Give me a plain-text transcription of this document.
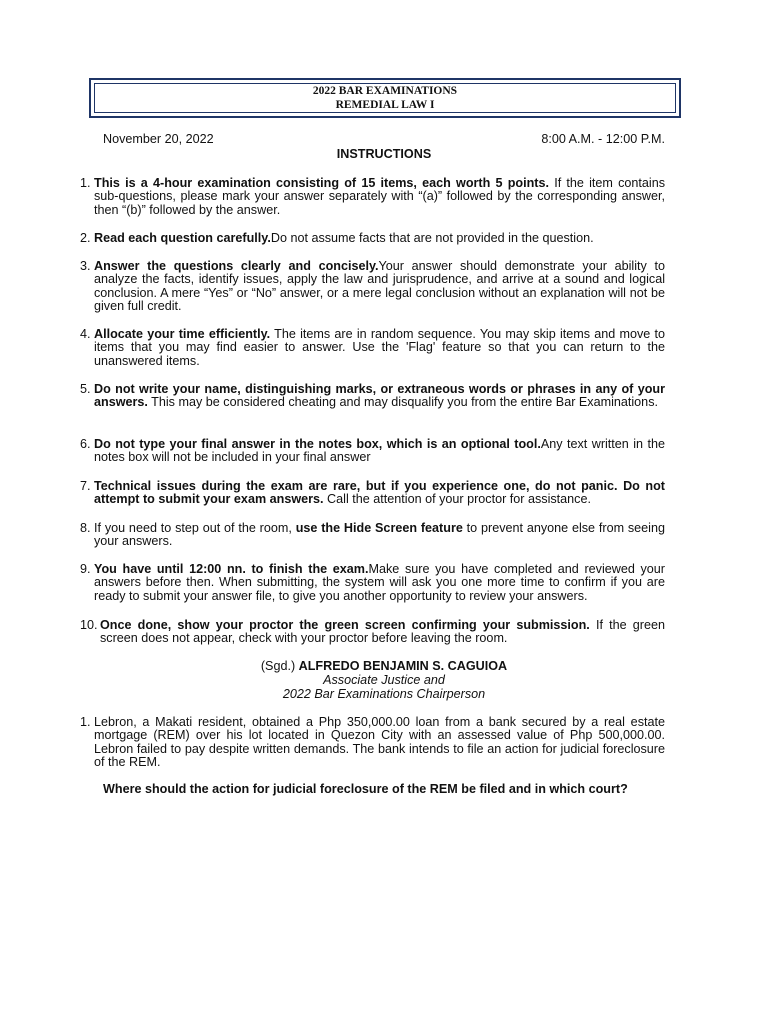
2022 BAR EXAMINATIONS
REMEDIAL LAW I
November 20, 2022	8:00 A.M. - 12:00 P.M.
INSTRUCTIONS
1. This is a 4-hour examination consisting of 15 items, each worth 5 points. If the item contains sub-questions, please mark your answer separately with “(a)” followed by the corresponding answer, then “(b)” followed by the answer.
2. Read each question carefully.Do not assume facts that are not provided in the question.
3. Answer the questions clearly and concisely.Your answer should demonstrate your ability to analyze the facts, identify issues, apply the law and jurisprudence, and arrive at a sound and logical conclusion. A mere “Yes” or “No” answer, or a mere legal conclusion without an explanation will not be given full credit.
4. Allocate your time efficiently. The items are in random sequence. You may skip items and move to items that you may find easier to answer. Use the 'Flag' feature so that you can return to the unanswered items.
5. Do not write your name, distinguishing marks, or extraneous words or phrases in any of your answers. This may be considered cheating and may disqualify you from the entire Bar Examinations.
6. Do not type your final answer in the notes box, which is an optional tool.Any text written in the notes box will not be included in your final answer
7. Technical issues during the exam are rare, but if you experience one, do not panic. Do not attempt to submit your exam answers. Call the attention of your proctor for assistance.
8. If you need to step out of the room, use the Hide Screen feature to prevent anyone else from seeing your answers.
9. You have until 12:00 nn. to finish the exam.Make sure you have completed and reviewed your answers before then. When submitting, the system will ask you one more time to confirm if you are ready to submit your answer file, to give you another opportunity to review your answers.
10. Once done, show your proctor the green screen confirming your submission. If the green screen does not appear, check with your proctor before leaving the room.
(Sgd.) ALFREDO BENJAMIN S. CAGUIOA
Associate Justice and
2022 Bar Examinations Chairperson
1. Lebron, a Makati resident, obtained a Php 350,000.00 loan from a bank secured by a real estate mortgage (REM) over his lot located in Quezon City with an assessed value of Php 500,000.00. Lebron failed to pay despite written demands. The bank intends to file an action for judicial foreclosure of the REM.
Where should the action for judicial foreclosure of the REM be filed and in which court?
